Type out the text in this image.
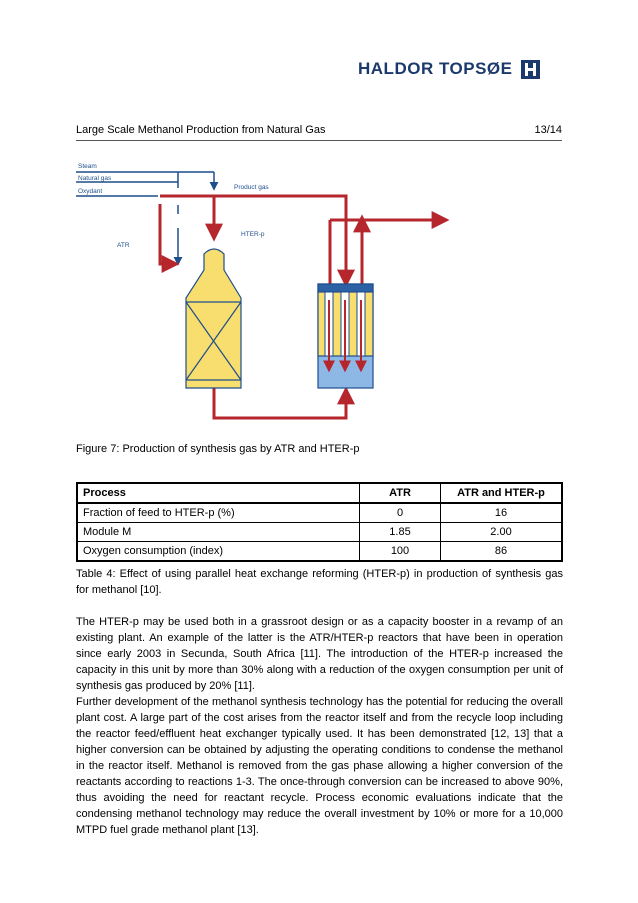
HALDOR TOPSØE
Large Scale Methanol Production from Natural Gas	13/14
Steam
Natural gas
Oxydant
Product gas
HTER-p
ATR
Figure 7: Production of synthesis gas by ATR and HTER-p
Process	ATR	ATR and HTER-p
Fraction of feed to HTER-p (%)	0	16
Module M	1.85	2.00
Oxygen consumption (index)	100	86

Table 4: Effect of using parallel heat exchange reforming (HTER-p) in production of synthesis gas for methanol [10].

The HTER-p may be used both in a grassroot design or as a capacity booster in a revamp of an existing plant. An example of the latter is the ATR/HTER-p reactors that have been in operation since early 2003 in Secunda, South Africa [11]. The introduction of the HTER-p increased the capacity in this unit by more than 30% along with a reduction of the oxygen consumption per unit of synthesis gas produced by 20% [11].

Further development of the methanol synthesis technology has the potential for reducing the overall plant cost. A large part of the cost arises from the reactor itself and from the recycle loop including the reactor feed/effluent heat exchanger typically used. It has been demonstrated [12, 13] that a higher conversion can be obtained by adjusting the operating conditions to condense the methanol in the reactor itself. Methanol is removed from the gas phase allowing a higher conversion of the reactants according to reactions 1-3. The once-through conversion can be increased to above 90%, thus avoiding the need for reactant recycle. Process economic evaluations indicate that the condensing methanol technology may reduce the overall investment by 10% or more for a 10,000 MTPD fuel grade methanol plant [13].
